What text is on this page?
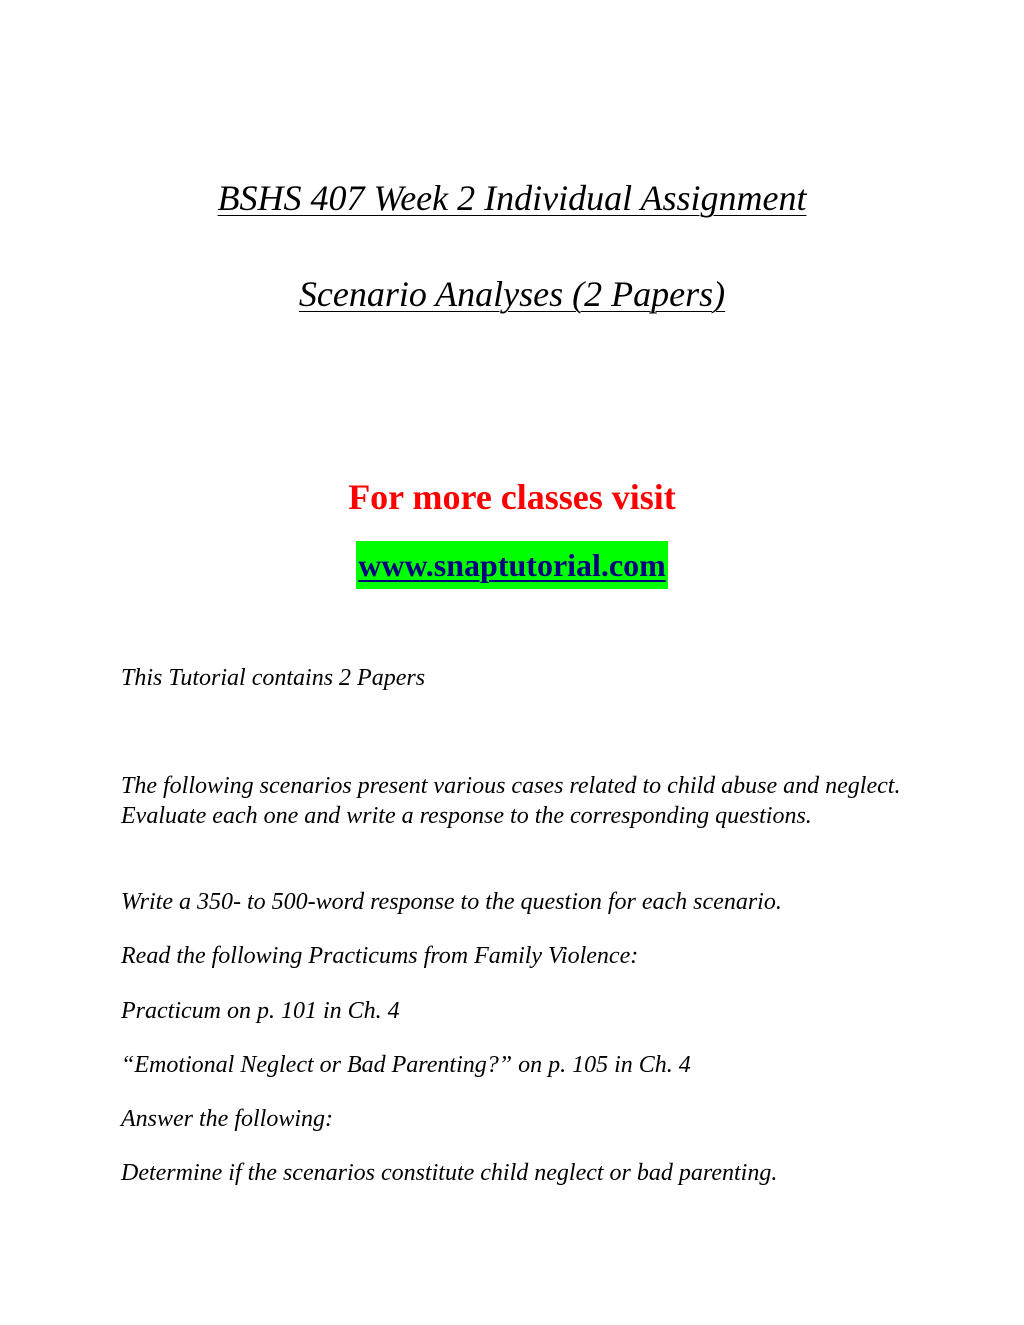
BSHS 407 Week 2 Individual Assignment
Scenario Analyses (2 Papers)

For more classes visit

www.snaptutorial.com

This Tutorial contains 2 Papers

The following scenarios present various cases related to child abuse and neglect. Evaluate each one and write a response to the corresponding questions.

Write a 350- to 500-word response to the question for each scenario.

Read the following Practicums from Family Violence:

Practicum on p. 101 in Ch. 4

“Emotional Neglect or Bad Parenting?” on p. 105 in Ch. 4

Answer the following:

Determine if the scenarios constitute child neglect or bad parenting.
